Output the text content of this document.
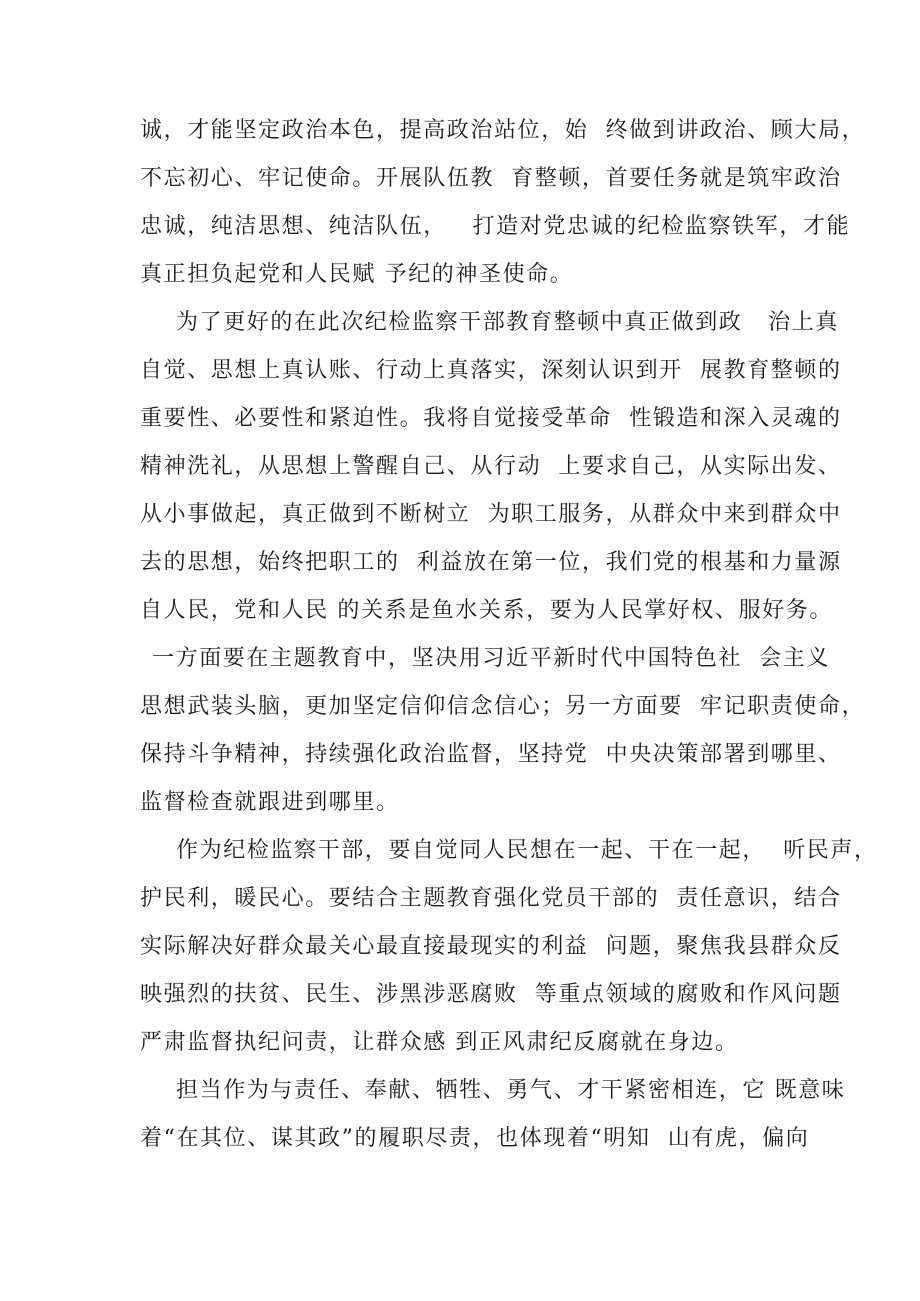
诚，才能坚定政治本色，提高政治站位，始  终做到讲政治、顾大局，

不忘初心、牢记使命。开展队伍教  育整顿，首要任务就是筑牢政治

忠诚，纯洁思想、纯洁队伍，   打造对党忠诚的纪检监察铁军，才能

真正担负起党和人民赋 予纪的神圣使命。

为了更好的在此次纪检监察干部教育整顿中真正做到政   治上真

自觉、思想上真认账、行动上真落实，深刻认识到开  展教育整顿的

重要性、必要性和紧迫性。我将自觉接受革命  性锻造和深入灵魂的

精神洗礼，从思想上警醒自己、从行动  上要求自己，从实际出发、

从小事做起，真正做到不断树立  为职工服务，从群众中来到群众中

去的思想，始终把职工的  利益放在第一位，我们党的根基和力量源

自人民，党和人民 的关系是鱼水关系，要为人民掌好权、服好务。

一方面要在主题教育中，坚决用习近平新时代中国特色社  会主义

思想武装头脑，更加坚定信仰信念信心；另一方面要  牢记职责使命，

保持斗争精神，持续强化政治监督，坚持党  中央决策部署到哪里、

监督检查就跟进到哪里。

作为纪检监察干部，要自觉同人民想在一起、干在一起，  听民声，

护民利，暖民心。要结合主题教育强化党员干部的  责任意识，结合

实际解决好群众最关心最直接最现实的利益  问题，聚焦我县群众反

映强烈的扶贫、民生、涉黑涉恶腐败  等重点领域的腐败和作风问题

严肃监督执纪问责，让群众感 到正风肃纪反腐就在身边。

担当作为与责任、奉献、牺牲、勇气、才干紧密相连，它 既意味

着“在其位、谋其政”的履职尽责，也体现着“明知  山有虎，偏向
